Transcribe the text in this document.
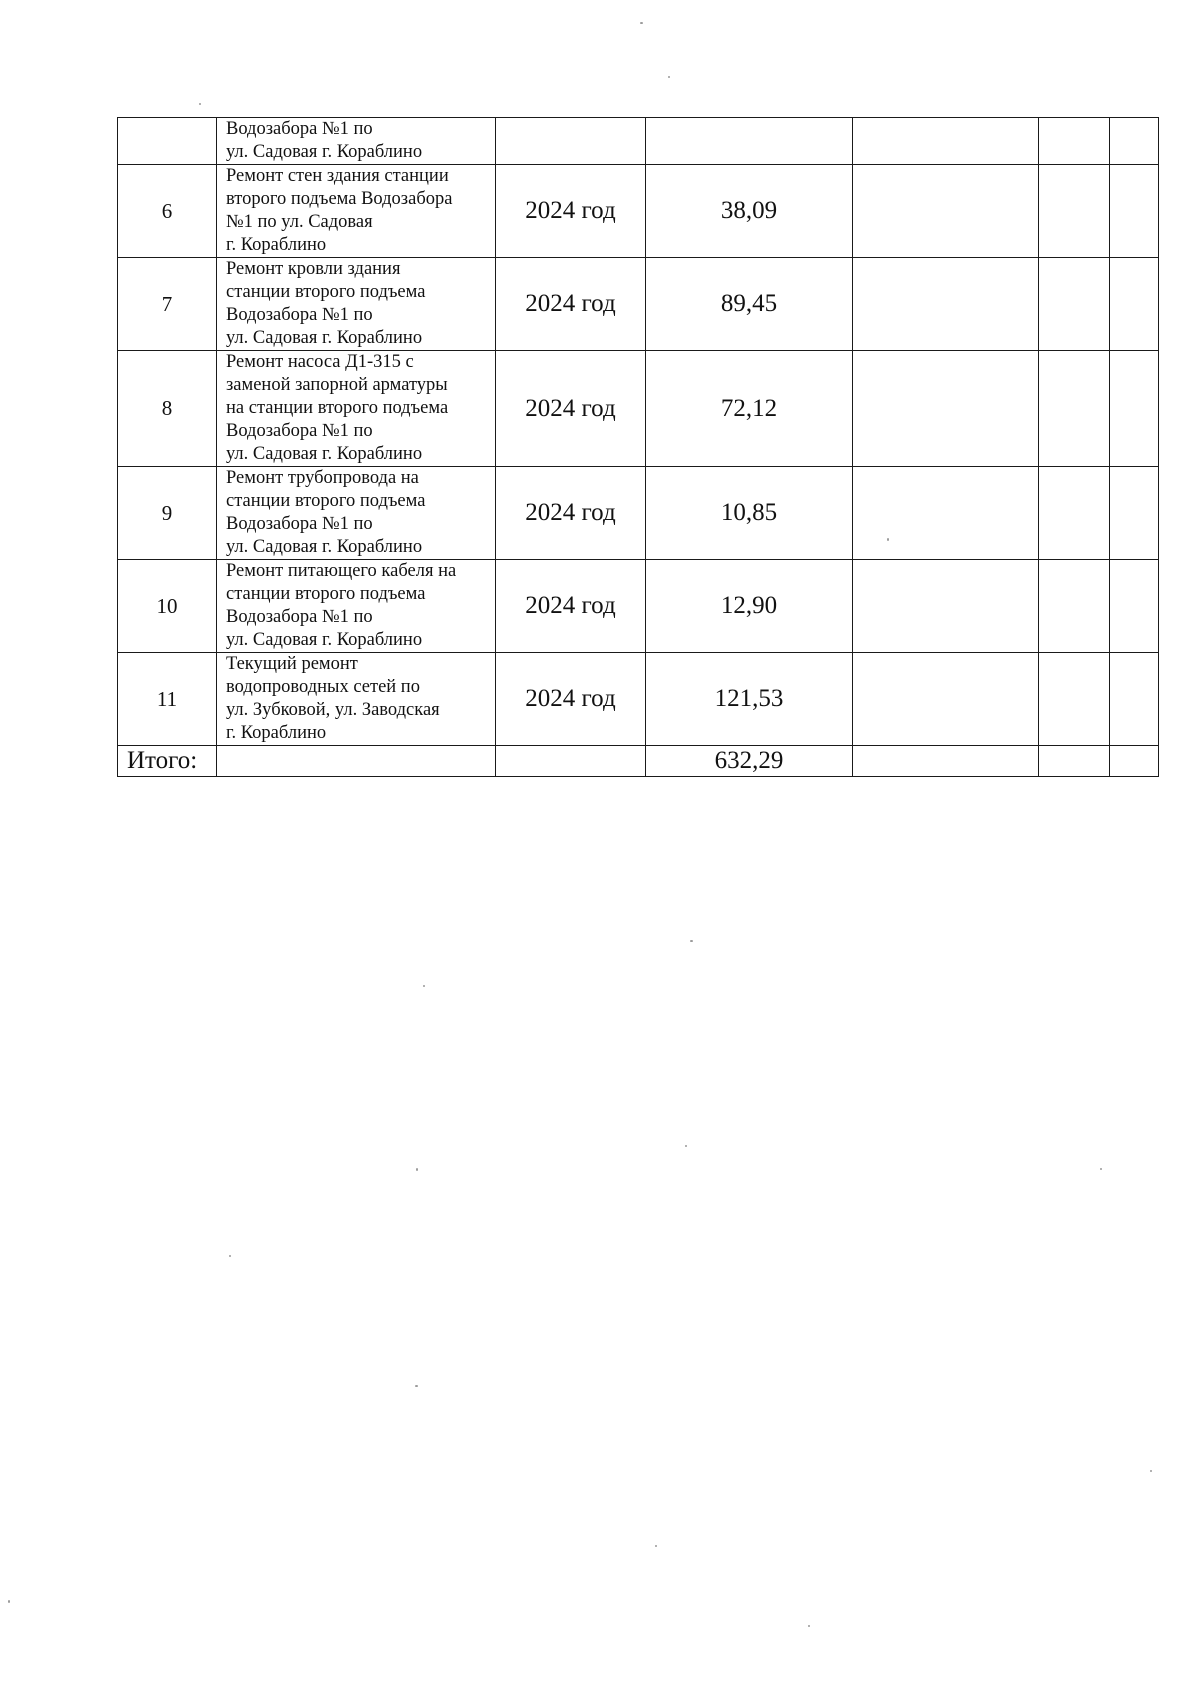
	Водозабора №1 по
ул. Садовая г. Кораблино					

6	Ремонт стен здания станции
второго подъема Водозабора
№1 по ул. Садовая
г. Кораблино	2024 год	38,09			
7	Ремонт кровли здания
станции второго подъема
Водозабора №1 по
ул. Садовая г. Кораблино	2024 год	89,45			
8	Ремонт насоса Д1-315 с
заменой запорной арматуры
на станции второго подъема
Водозабора №1 по
ул. Садовая г. Кораблино	2024 год	72,12			
9	Ремонт трубопровода на
станции второго подъема
Водозабора №1 по
ул. Садовая г. Кораблино	2024 год	10,85			
10	Ремонт питающего кабеля на
станции второго подъема
Водозабора №1 по
ул. Садовая г. Кораблино	2024 год	12,90			
11	Текущий ремонт
водопроводных сетей по
ул. Зубковой, ул. Заводская
г. Кораблино	2024 год	121,53			
Итого:			632,29			
